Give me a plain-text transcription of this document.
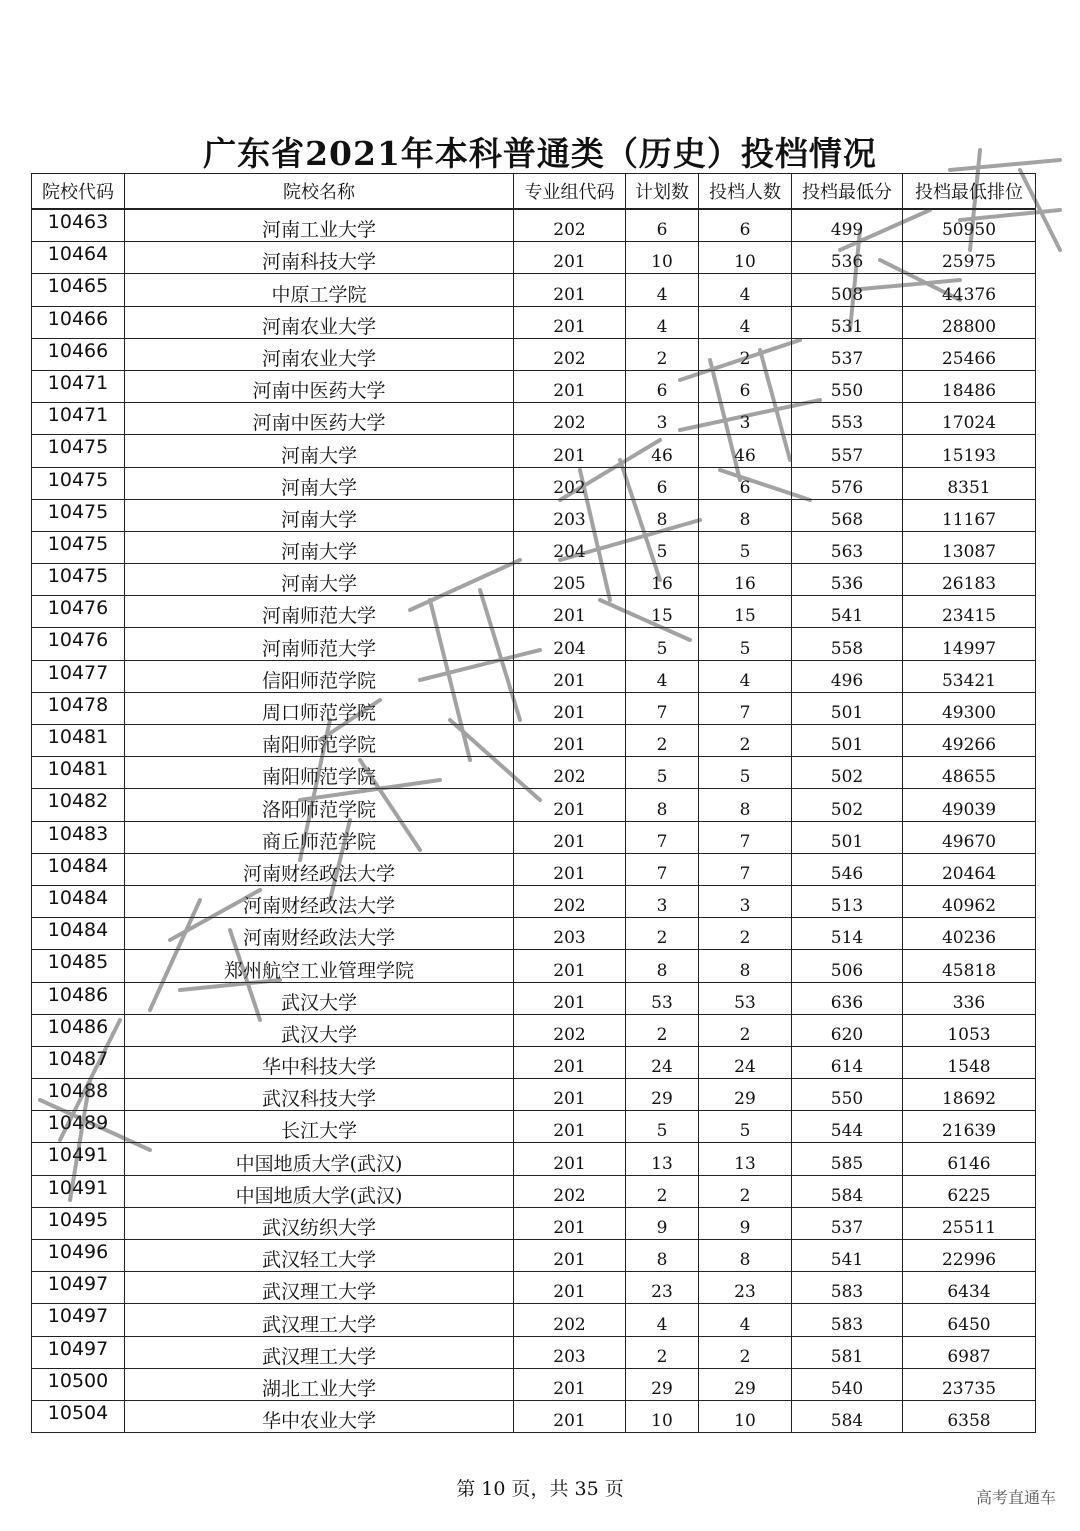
广东省2021年本科普通类（历史）投档情况
院校代码	院校名称	专业组代码	计划数	投档人数	投档最低分	投档最低排位
10463	河南工业大学	202	6	6	499	50950
10464	河南科技大学	201	10	10	536	25975
10465	中原工学院	201	4	4	508	44376
10466	河南农业大学	201	4	4	531	28800
10466	河南农业大学	202	2	2	537	25466
10471	河南中医药大学	201	6	6	550	18486
10471	河南中医药大学	202	3	3	553	17024
10475	河南大学	201	46	46	557	15193
10475	河南大学	202	6	6	576	8351
10475	河南大学	203	8	8	568	11167
10475	河南大学	204	5	5	563	13087
10475	河南大学	205	16	16	536	26183
10476	河南师范大学	201	15	15	541	23415
10476	河南师范大学	204	5	5	558	14997
10477	信阳师范学院	201	4	4	496	53421
10478	周口师范学院	201	7	7	501	49300
10481	南阳师范学院	201	2	2	501	49266
10481	南阳师范学院	202	5	5	502	48655
10482	洛阳师范学院	201	8	8	502	49039
10483	商丘师范学院	201	7	7	501	49670
10484	河南财经政法大学	201	7	7	546	20464
10484	河南财经政法大学	202	3	3	513	40962
10484	河南财经政法大学	203	2	2	514	40236
10485	郑州航空工业管理学院	201	8	8	506	45818
10486	武汉大学	201	53	53	636	336
10486	武汉大学	202	2	2	620	1053
10487	华中科技大学	201	24	24	614	1548
10488	武汉科技大学	201	29	29	550	18692
10489	长江大学	201	5	5	544	21639
10491	中国地质大学(武汉)	201	13	13	585	6146
10491	中国地质大学(武汉)	202	2	2	584	6225
10495	武汉纺织大学	201	9	9	537	25511
10496	武汉轻工大学	201	8	8	541	22996
10497	武汉理工大学	201	23	23	583	6434
10497	武汉理工大学	202	4	4	583	6450
10497	武汉理工大学	203	2	2	581	6987
10500	湖北工业大学	201	29	29	540	23735
10504	华中农业大学	201	10	10	584	6358
第 10 页，共 35 页	高考直通车
